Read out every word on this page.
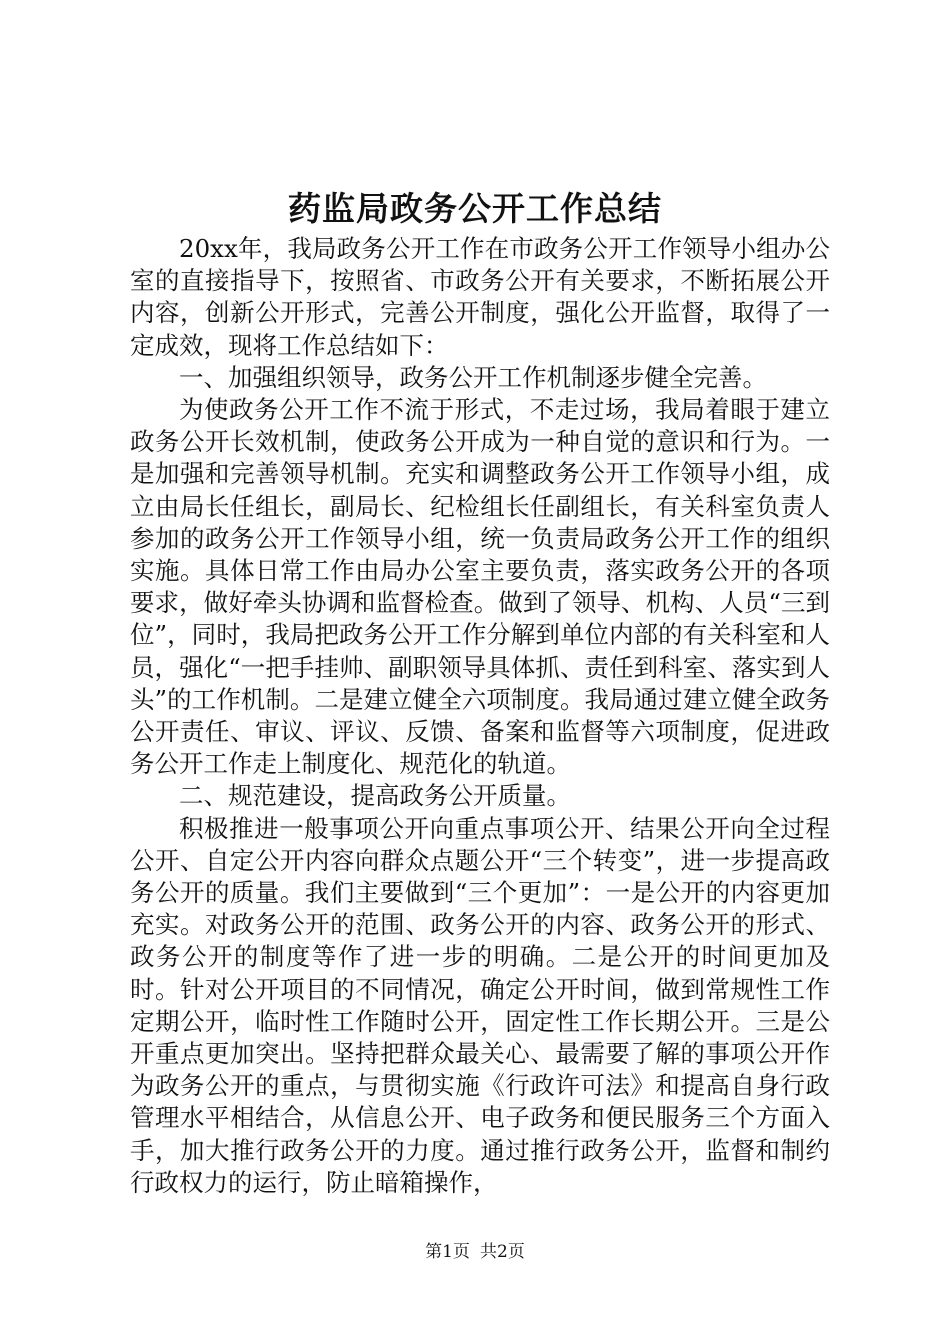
药监局政务公开工作总结

20xx年，我局政务公开工作在市政务公开工作领导小组办公室的直接指导下，按照省、市政务公开有关要求，不断拓展公开内容，创新公开形式，完善公开制度，强化公开监督，取得了一定成效，现将工作总结如下：

一、加强组织领导，政务公开工作机制逐步健全完善。

为使政务公开工作不流于形式，不走过场，我局着眼于建立政务公开长效机制，使政务公开成为一种自觉的意识和行为。一是加强和完善领导机制。充实和调整政务公开工作领导小组，成立由局长任组长，副局长、纪检组长任副组长，有关科室负责人参加的政务公开工作领导小组，统一负责局政务公开工作的组织实施。具体日常工作由局办公室主要负责，落实政务公开的各项要求，做好牵头协调和监督检查。做到了领导、机构、人员“三到位”，同时，我局把政务公开工作分解到单位内部的有关科室和人员，强化“一把手挂帅、副职领导具体抓、责任到科室、落实到人头”的工作机制。二是建立健全六项制度。我局通过建立健全政务公开责任、审议、评议、反馈、备案和监督等六项制度，促进政务公开工作走上制度化、规范化的轨道。

二、规范建设，提高政务公开质量。

积极推进一般事项公开向重点事项公开、结果公开向全过程公开、自定公开内容向群众点题公开“三个转变”，进一步提高政务公开的质量。我们主要做到“三个更加”：一是公开的内容更加充实。对政务公开的范围、政务公开的内容、政务公开的形式、政务公开的制度等作了进一步的明确。二是公开的时间更加及时。针对公开项目的不同情况，确定公开时间，做到常规性工作定期公开，临时性工作随时公开，固定性工作长期公开。三是公开重点更加突出。坚持把群众最关心、最需要了解的事项公开作为政务公开的重点，与贯彻实施《行政许可法》和提高自身行政管理水平相结合，从信息公开、电子政务和便民服务三个方面入手，加大推行政务公开的力度。通过推行政务公开，监督和制约行政权力的运行，防止暗箱操作，

第1页 共2页
